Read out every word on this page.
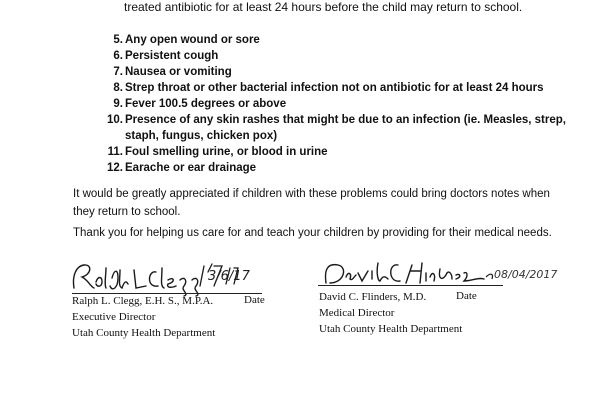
treated antibiotic for at least 24 hours before the child may return to school.
5. Any open wound or sore
6. Persistent cough
7. Nausea or vomiting
8. Strep throat or other bacterial infection not on antibiotic for at least 24 hours
9. Fever 100.5 degrees or above
10. Presence of any skin rashes that might be due to an infection (ie. Measles, strep,
staph, fungus, chicken pox)
11. Foul smelling urine, or blood in urine
12. Earache or ear drainage
It would be greatly appreciated if children with these problems could bring doctors notes when
they return to school.
Thank you for helping us care for and teach your children by providing for their medical needs.
Ralph L. Clegg, E.H. S., M.P.A.	Date
Executive Director
Utah County Health Department
08/04/2017
David C. Flinders, M.D.	Date
Medical Director
Utah County Health Department
3/6/17
